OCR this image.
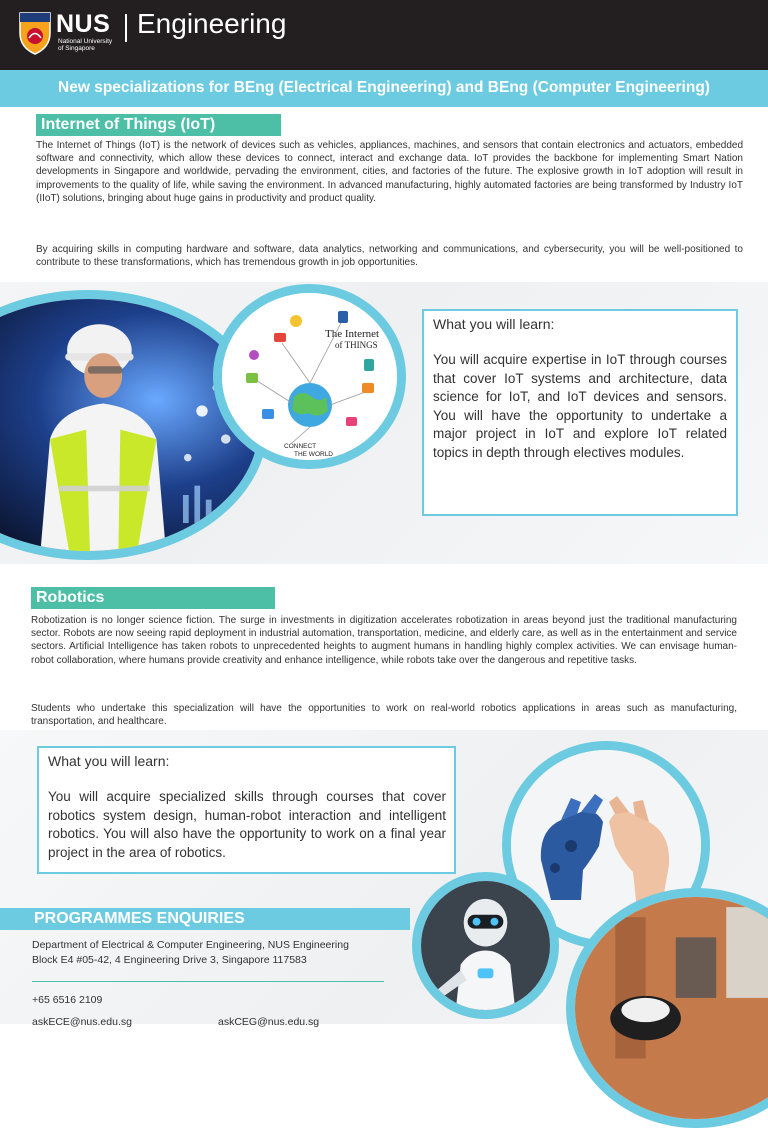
NUS
National University of Singapore
Engineering
New specializations for BEng (Electrical Engineering) and BEng (Computer Engineering)
Internet of Things (IoT)

The Internet of Things (IoT) is the network of devices such as vehicles, appliances, machines, and sensors that contain electronics and actuators, embedded software and connectivity, which allow these devices to connect, interact and exchange data. IoT provides the backbone for implementing Smart Nation developments in Singapore and worldwide, pervading the environment, cities, and factories of the future. The explosive growth in IoT adoption will result in improvements to the quality of life, while saving the environment. In advanced manufacturing, highly automated factories are being transformed by Industry IoT (IIoT) solutions, bringing about huge gains in productivity and product quality.

By acquiring skills in computing hardware and software, data analytics, networking and communications, and cybersecurity, you will be well-positioned to contribute to these transformations, which has tremendous growth in job opportunities.

The Internet
of THINGS
CONNECT
THE WORLD
What you will learn:

You will acquire expertise in IoT through courses that cover IoT systems and architecture, data science for IoT, and IoT devices and sensors. You will have the opportunity to undertake a major project in IoT and explore IoT related topics in depth through electives modules.

Robotics

Robotization is no longer science fiction. The surge in investments in digitization accelerates robotization in areas beyond just the traditional manufacturing sector. Robots are now seeing rapid deployment in industrial automation, transportation, medicine, and elderly care, as well as in the entertainment and service sectors. Artificial Intelligence has taken robots to unprecedented heights to augment humans in handling highly complex activities. We can envisage human-robot collaboration, where humans provide creativity and enhance intelligence, while robots take over the dangerous and repetitive tasks.

Students who undertake this specialization will have the opportunities to work on real-world robotics applications in areas such as manufacturing, transportation, and healthcare.

What you will learn:

You will acquire specialized skills through courses that cover robotics system design, human-robot interaction and intelligent robotics. You will also have the opportunity to work on a final year project in the area of robotics.

PROGRAMMES ENQUIRIES
Department of Electrical & Computer Engineering, NUS Engineering
Block E4 #05-42, 4 Engineering Drive 3, Singapore 117583
+65 6516 2109
askECE@nus.edu.sg	askCEG@nus.edu.sg
